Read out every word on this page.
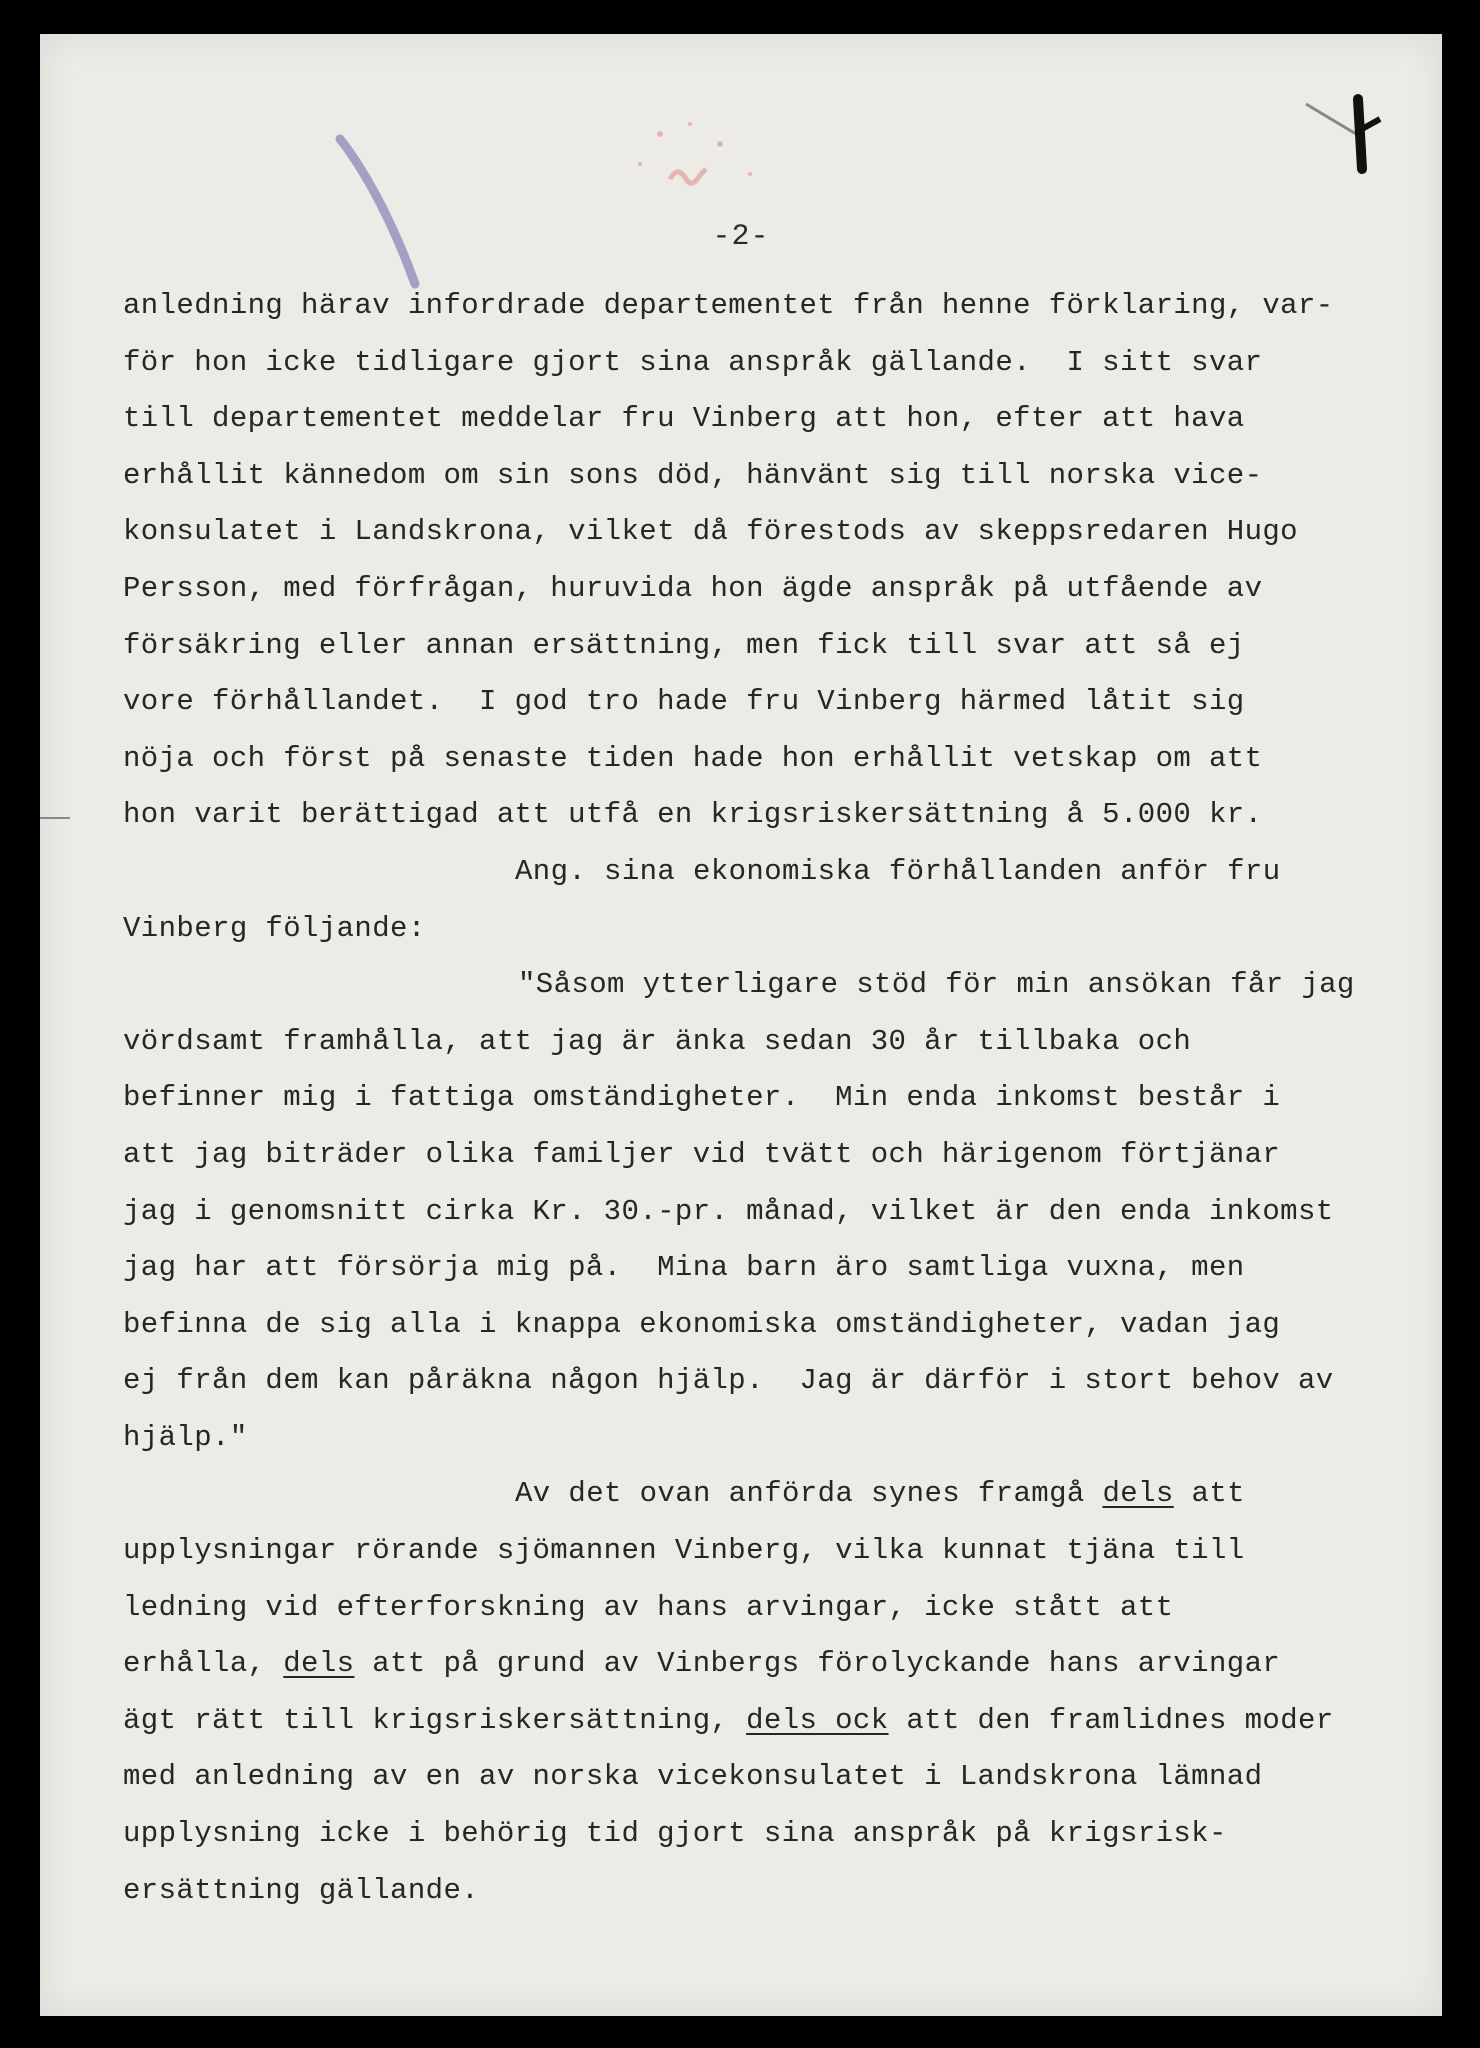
-2-
anledning härav infordrade departementet från henne förklaring, var-
för hon icke tidligare gjort sina anspråk gällande.  I sitt svar
till departementet meddelar fru Vinberg att hon, efter att hava
erhållit kännedom om sin sons död, hänvänt sig till norska vice-
konsulatet i Landskrona, vilket då förestods av skeppsredaren Hugo
Persson, med förfrågan, huruvida hon ägde anspråk på utfående av
försäkring eller annan ersättning, men fick till svar att så ej
vore förhållandet.  I god tro hade fru Vinberg härmed låtit sig
nöja och först på senaste tiden hade hon erhållit vetskap om att
hon varit berättigad att utfå en krigsriskersättning å 5.000 kr.
Ang. sina ekonomiska förhållanden anför fru
Vinberg följande:
"Såsom ytterligare stöd för min ansökan får jag
vördsamt framhålla, att jag är änka sedan 30 år tillbaka och
befinner mig i fattiga omständigheter.  Min enda inkomst består i
att jag biträder olika familjer vid tvätt och härigenom förtjänar
jag i genomsnitt cirka Kr. 30.-pr. månad, vilket är den enda inkomst
jag har att försörja mig på.  Mina barn äro samtliga vuxna, men
befinna de sig alla i knappa ekonomiska omständigheter, vadan jag
ej från dem kan påräkna någon hjälp.  Jag är därför i stort behov av
hjälp."
Av det ovan anförda synes framgå dels att
upplysningar rörande sjömannen Vinberg, vilka kunnat tjäna till
ledning vid efterforskning av hans arvingar, icke stått att
erhålla, dels att på grund av Vinbergs förolyckande hans arvingar
ägt rätt till krigsriskersättning, dels ock att den framlidnes moder
med anledning av en av norska vicekonsulatet i Landskrona lämnad
upplysning icke i behörig tid gjort sina anspråk på krigsrisk-
ersättning gällande.
